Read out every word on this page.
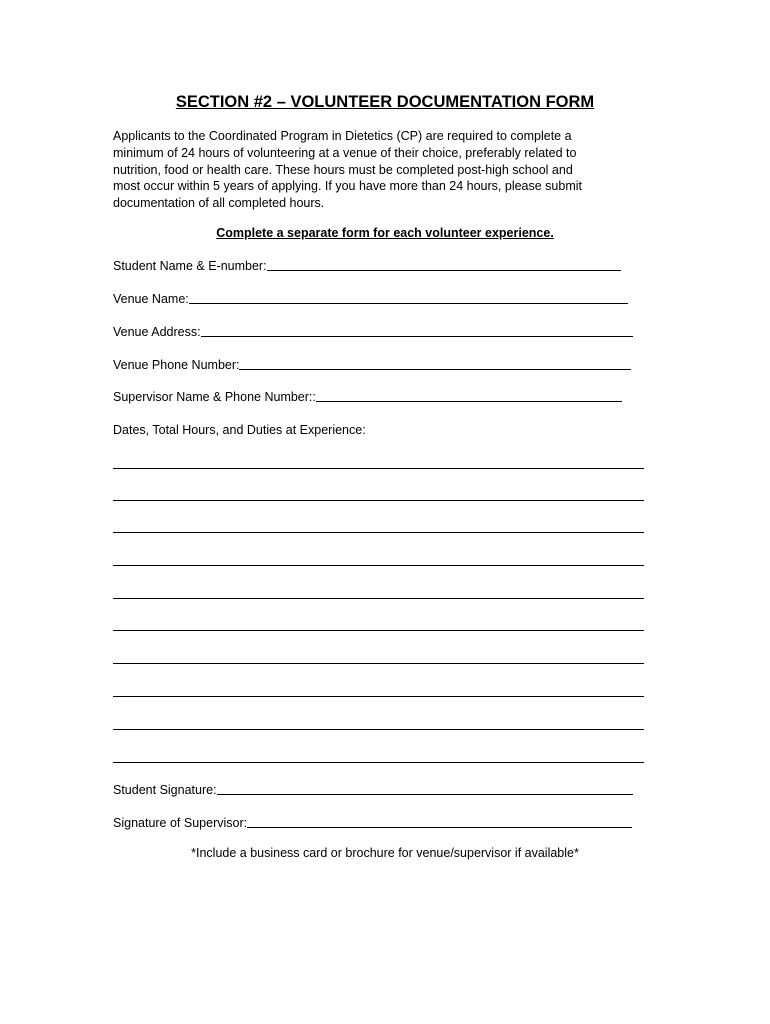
SECTION #2 – VOLUNTEER DOCUMENTATION FORM

Applicants to the Coordinated Program in Dietetics (CP) are required to complete a

minimum of 24 hours of volunteering at a venue of their choice, preferably related to

nutrition, food or health care. These hours must be completed post-high school and

most occur within 5 years of applying. If you have more than 24 hours, please submit

documentation of all completed hours.

Complete a separate form for each volunteer experience.
Student Name & E-number:
Venue Name:
Venue Address:
Venue Phone Number:
Supervisor Name & Phone Number::
Dates, Total Hours, and Duties at Experience:
Student Signature:
Signature of Supervisor:
*Include a business card or brochure for venue/supervisor if available*
